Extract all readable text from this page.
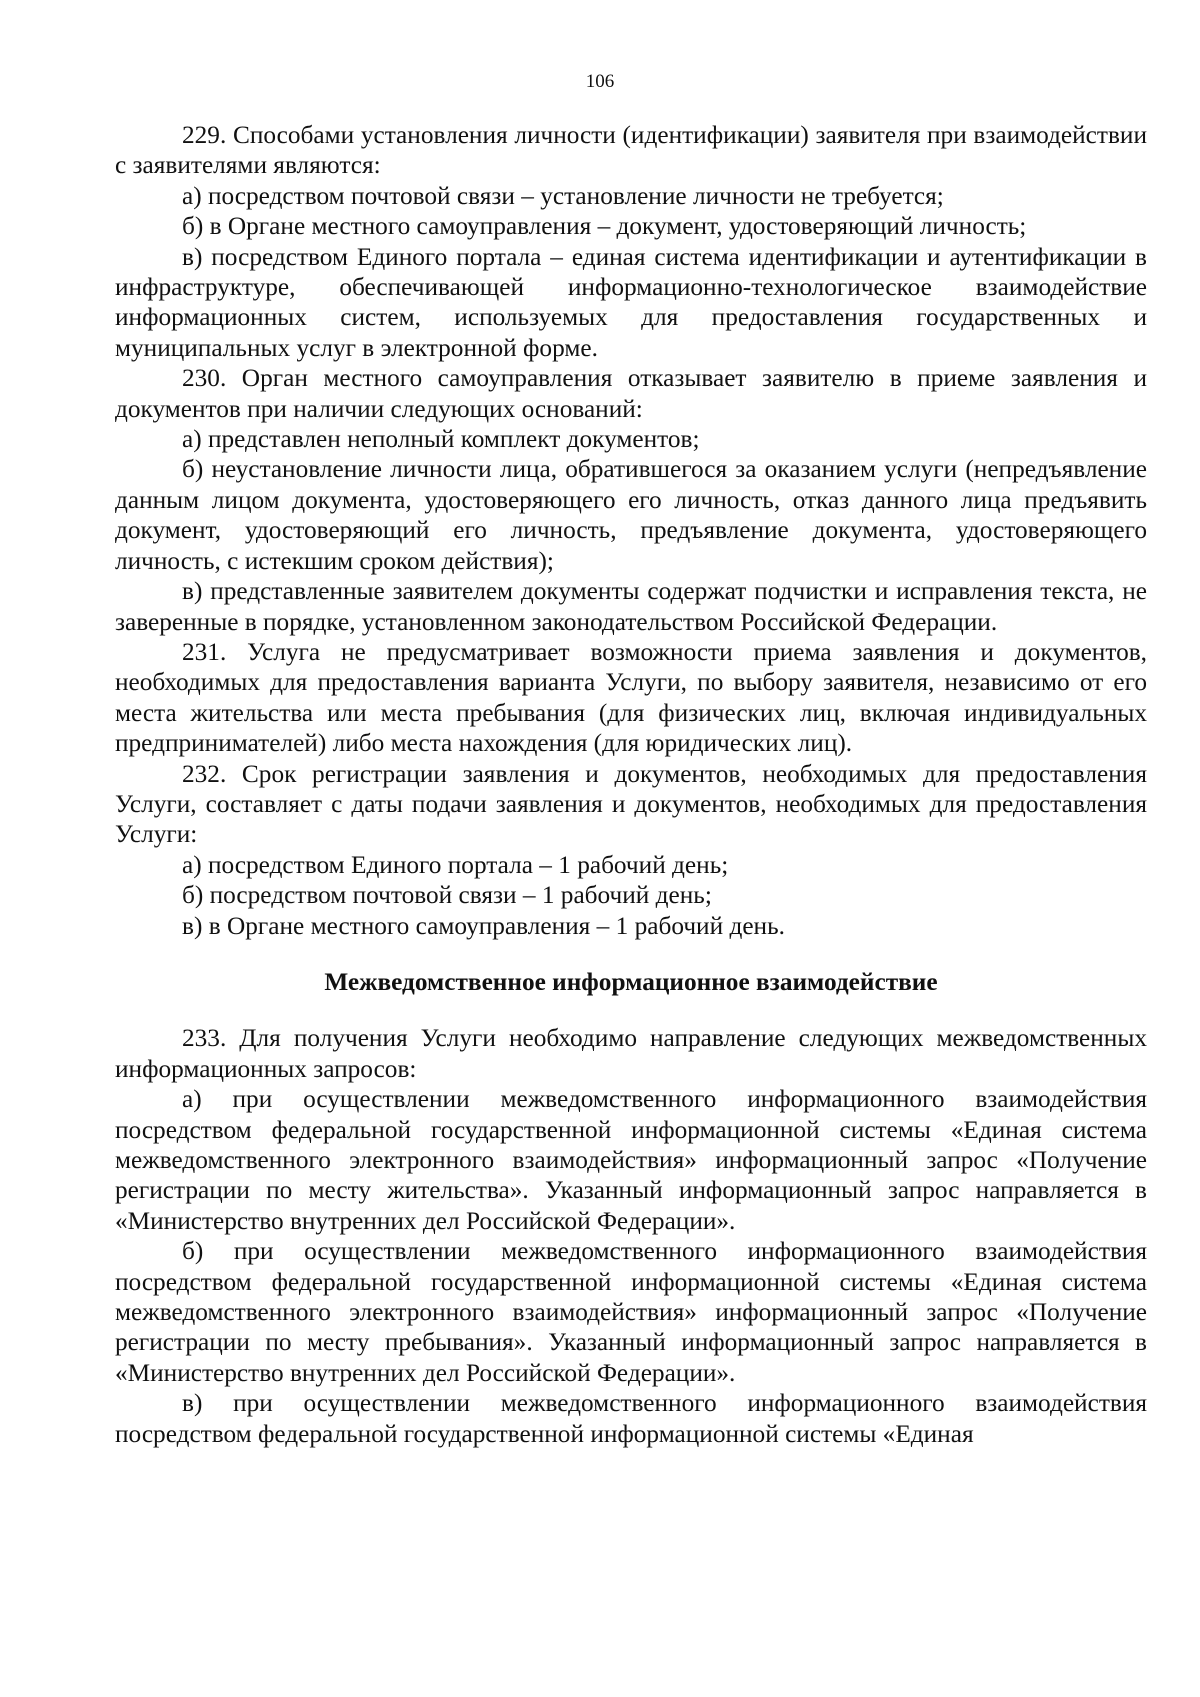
106

229. Способами установления личности (идентификации) заявителя при взаимодействии с заявителями являются:

а) посредством почтовой связи – установление личности не требуется;

б) в Органе местного самоуправления – документ, удостоверяющий личность;

в) посредством Единого портала – единая система идентификации и аутентификации в инфраструктуре, обеспечивающей информационно-технологическое взаимодействие информационных систем, используемых для предоставления государственных и муниципальных услуг в электронной форме.

230. Орган местного самоуправления отказывает заявителю в приеме заявления и документов при наличии следующих оснований:

а) представлен неполный комплект документов;

б) неустановление личности лица, обратившегося за оказанием услуги (непредъявление данным лицом документа, удостоверяющего его личность, отказ данного лица предъявить документ, удостоверяющий его личность, предъявление документа, удостоверяющего личность, с истекшим сроком действия);

в) представленные заявителем документы содержат подчистки и исправления текста, не заверенные в порядке, установленном законодательством Российской Федерации.

231. Услуга не предусматривает возможности приема заявления и документов, необходимых для предоставления варианта Услуги, по выбору заявителя, независимо от его места жительства или места пребывания (для физических лиц, включая индивидуальных предпринимателей) либо места нахождения (для юридических лиц).

232. Срок регистрации заявления и документов, необходимых для предоставления Услуги, составляет с даты подачи заявления и документов, необходимых для предоставления Услуги:

а) посредством Единого портала – 1 рабочий день;

б) посредством почтовой связи – 1 рабочий день;

в) в Органе местного самоуправления – 1 рабочий день.

Межведомственное информационное взаимодействие

233. Для получения Услуги необходимо направление следующих межведомственных информационных запросов:

а) при осуществлении межведомственного информационного взаимодействия посредством федеральной государственной информационной системы «Единая система межведомственного электронного взаимодействия» информационный запрос «Получение регистрации по месту жительства». Указанный информационный запрос направляется в «Министерство внутренних дел Российской Федерации».

б) при осуществлении межведомственного информационного взаимодействия посредством федеральной государственной информационной системы «Единая система межведомственного электронного взаимодействия» информационный запрос «Получение регистрации по месту пребывания». Указанный информационный запрос направляется в «Министерство внутренних дел Российской Федерации».

в) при осуществлении межведомственного информационного взаимодействия посредством федеральной государственной информационной системы «Единая
